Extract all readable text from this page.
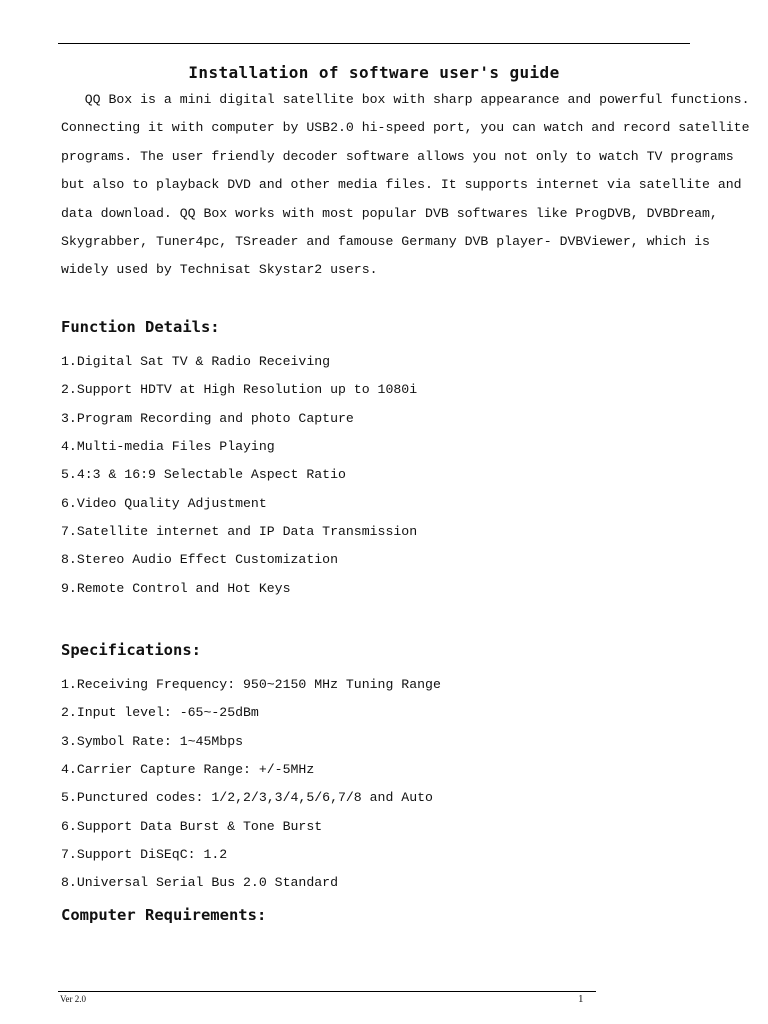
Installation of software user's guide
QQ Box is a mini digital satellite box with sharp appearance and powerful functions.
Connecting it with computer by USB2.0 hi-speed port, you can watch and record satellite
programs. The user friendly decoder software allows you not only to watch TV programs
but also to playback DVD and other media files. It supports internet via satellite and
data download. QQ Box works with most popular DVB softwares like ProgDVB, DVBDream,
Skygrabber, Tuner4pc, TSreader and famouse Germany DVB player- DVBViewer, which is
widely used by Technisat Skystar2 users.
Function Details:
1.Digital Sat TV & Radio Receiving
2.Support HDTV at High Resolution up to 1080i
3.Program Recording and photo Capture
4.Multi-media Files Playing
5.4:3 & 16:9 Selectable Aspect Ratio
6.Video Quality Adjustment
7.Satellite internet and IP Data Transmission
8.Stereo Audio Effect Customization
9.Remote Control and Hot Keys
Specifications:
1.Receiving Frequency: 950~2150 MHz Tuning Range
2.Input level: -65~-25dBm
3.Symbol Rate: 1~45Mbps
4.Carrier Capture Range: +/-5MHz
5.Punctured codes: 1/2,2/3,3/4,5/6,7/8 and Auto
6.Support Data Burst & Tone Burst
7.Support DiSEqC: 1.2
8.Universal Serial Bus 2.0 Standard
Computer Requirements:
Ver 2.0	1
